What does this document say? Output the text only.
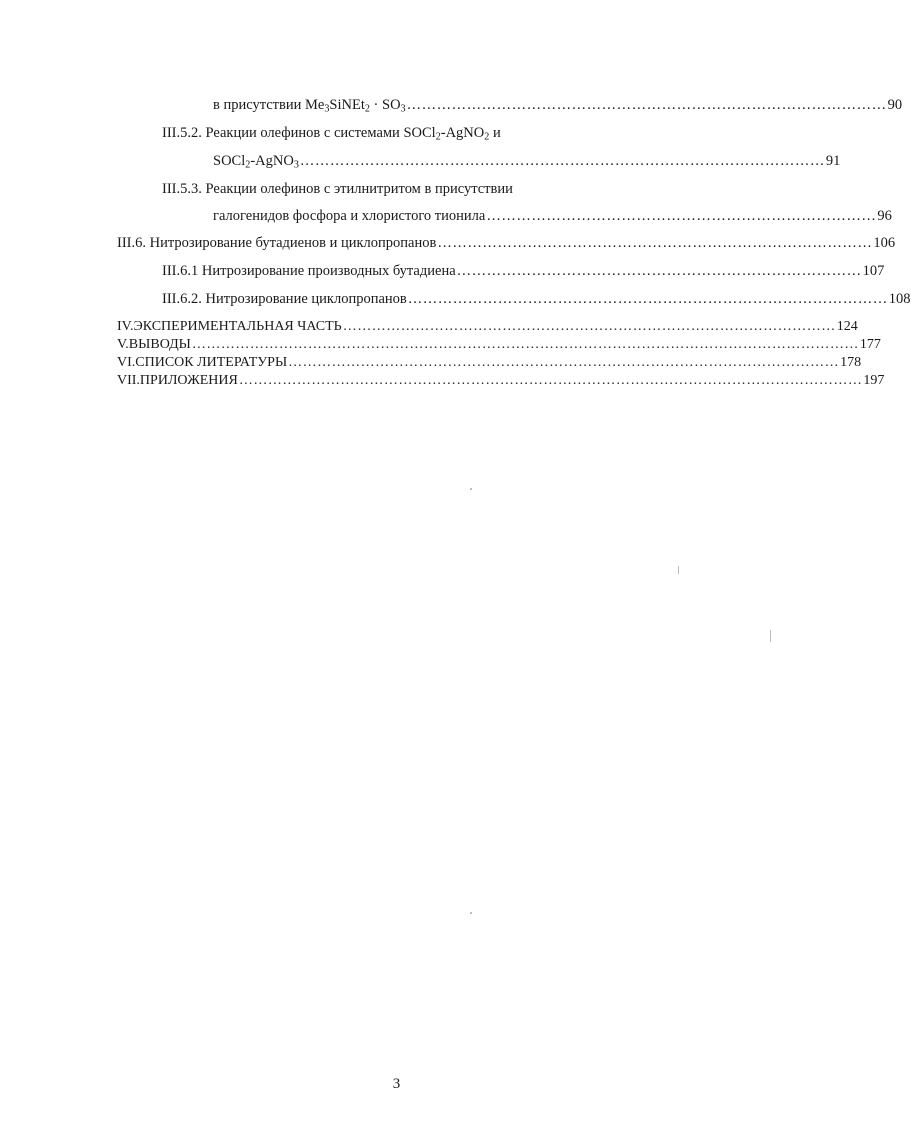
в присутствии $Me_3SiNEt_2 \cdot SO_3$ …………………………………………………………………………………… 90
III.5.2. Реакции олефинов с системами SOCl$_2$-AgNO$_2$ и
SOCl$_2$-AgNO$_3$ …………………………………………………………………………………………… 91
III.5.3. Реакции олефинов с этилнитритом в присутствии
галогенидов фосфора и хлористого тионила …………………………………………………………………… 96
III.6. Нитрозирование бутадиенов и циклопропанов …………………………………………………………………………… 106
III.6.1 Нитрозирование производных бутадиена ……………………………………………………………………… 107
III.6.2. Нитрозирование циклопропанов …………………………………………………………………………………… 108
IV.ЭКСПЕРИМЕНТАЛЬНАЯ ЧАСТЬ ………………………………………………………………………………………… 124
V.ВЫВОДЫ ………………………………………………………………………………………………………………………… 177
VI.СПИСОК ЛИТЕРАТУРЫ …………………………………………………………………………………………………… 178
VII.ПРИЛОЖЕНИЯ ………………………………………………………………………………………………………………… 197
3
